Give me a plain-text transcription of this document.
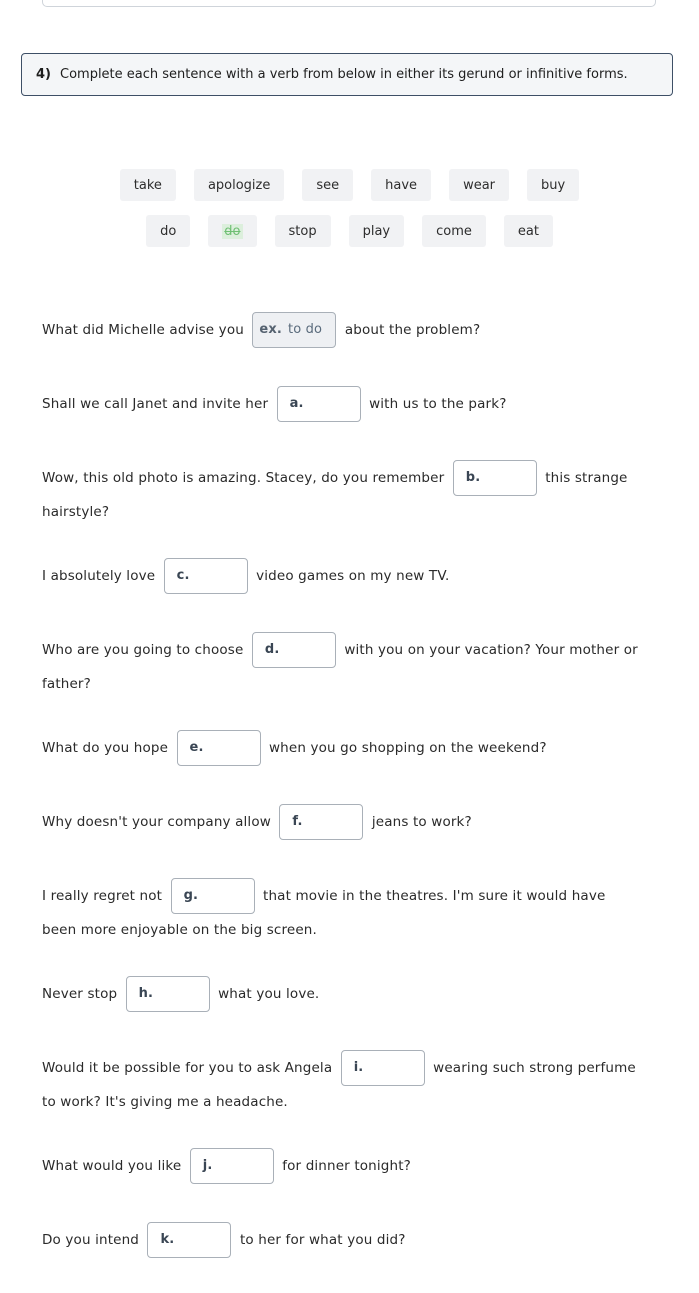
4) Complete each sentence with a verb from below in either its gerund or infinitive forms.
take	apologize	see	have	wear	buy
do	do	stop	play	come	eat
What did Michelle advise you ex. to do about the problem?
Shall we call Janet and invite her a.	with us to the park?
Wow, this old photo is amazing. Stacey, do you remember b.	this strange hairstyle?
I absolutely love c.	video games on my new TV.
Who are you going to choose d.	with you on your vacation? Your mother or father?
What do you hope e.	when you go shopping on the weekend?
Why doesn't your company allow f.	jeans to work?
I really regret not g.	that movie in the theatres. I'm sure it would have been more enjoyable on the big screen.
Never stop h.	what you love.
Would it be possible for you to ask Angela i.	wearing such strong perfume to work? It's giving me a headache.
What would you like j.	for dinner tonight?
Do you intend k.	to her for what you did?
